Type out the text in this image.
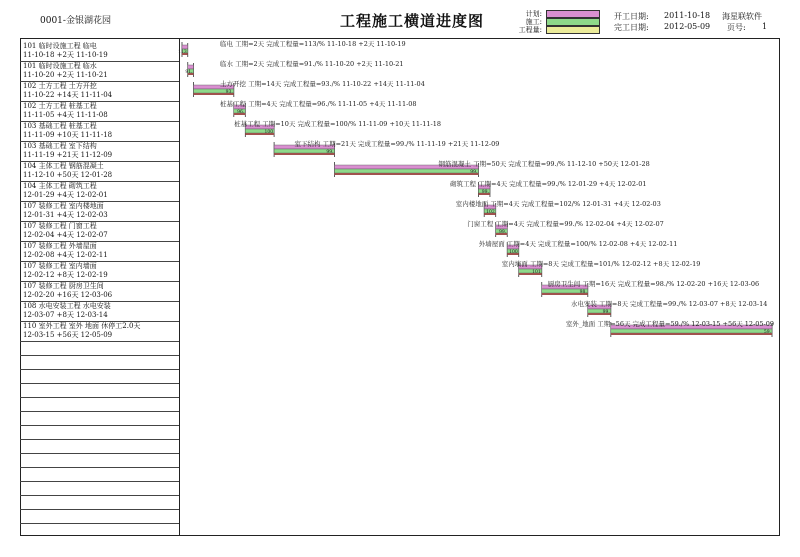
0001-金银湖花园	工程施工横道进度图	计划:
施工:
工程量:
开工日期: 2011-10-18
完工日期: 2012-05-09
海星联软件
页号: 1
101 临时设施工程 临电
11-10-18 +2天 11-10-19
101 临时设施工程 临水
11-10-20 +2天 11-10-21
102 土方工程 土方开挖
11-10-22 +14天 11-11-04
102 土方工程 桩基工程
11-11-05 +4天 11-11-08
103 基础工程 桩基工程
11-11-09 +10天 11-11-18
103 基础工程 室下结构
11-11-19 +21天 11-12-09
104 主体工程 钢筋混凝土
11-12-10 +50天 12-01-28
104 主体工程 砌筑工程
12-01-29 +4天 12-02-01
107 装修工程 室内楼地面
12-01-31 +4天 12-02-03
107 装修工程 门窗工程
12-02-04 +4天 12-02-07
107 装修工程 外墙屋面
12-02-08 +4天 12-02-11
107 装修工程 室内墙面
12-02-12 +8天 12-02-19
107 装修工程 厨房卫生间
12-02-20 +16天 12-03-06
108 水电安装工程 水电安装
12-03-07 +8天 12-03-14
110 室外工程 室外 地面 休停工2.0天
12-03-15 +56天 12-05-09
113
临电 工期=2天 完成工程量=113/% 11-10-18 +2天 11-10-19
91.
临水 工期=2天 完成工程量=91./% 11-10-20 +2天 11-10-21
93.
土方开挖 工期=14天 完成工程量=93./% 11-10-22 +14天 11-11-04
96.
桩基工程 工期=4天 完成工程量=96./% 11-11-05 +4天 11-11-08
100
桩基工程 工期=10天 完成工程量=100/% 11-11-09 +10天 11-11-18
99.
室下结构 工期=21天 完成工程量=99./% 11-11-19 +21天 11-12-09
99.
钢筋混凝土 工期=50天 完成工程量=99./% 11-12-10 +50天 12-01-28
99.
砌筑工程 工期=4天 完成工程量=99./% 12-01-29 +4天 12-02-01
102
室内楼地面 工期=4天 完成工程量=102/% 12-01-31 +4天 12-02-03
99.
门窗工程 工期=4天 完成工程量=99./% 12-02-04 +4天 12-02-07
100
外墙屋面 工期=4天 完成工程量=100/% 12-02-08 +4天 12-02-11
101
室内墙面 工期=8天 完成工程量=101/% 12-02-12 +8天 12-02-19
98.
厨房卫生间 工期=16天 完成工程量=98./% 12-02-20 +16天 12-03-06
99.
水电安装 工期=8天 完成工程量=99./% 12-03-07 +8天 12-03-14
59.
室外_地面 工期=56天 完成工程量=59./% 12-03-15 +56天 12-05-09
